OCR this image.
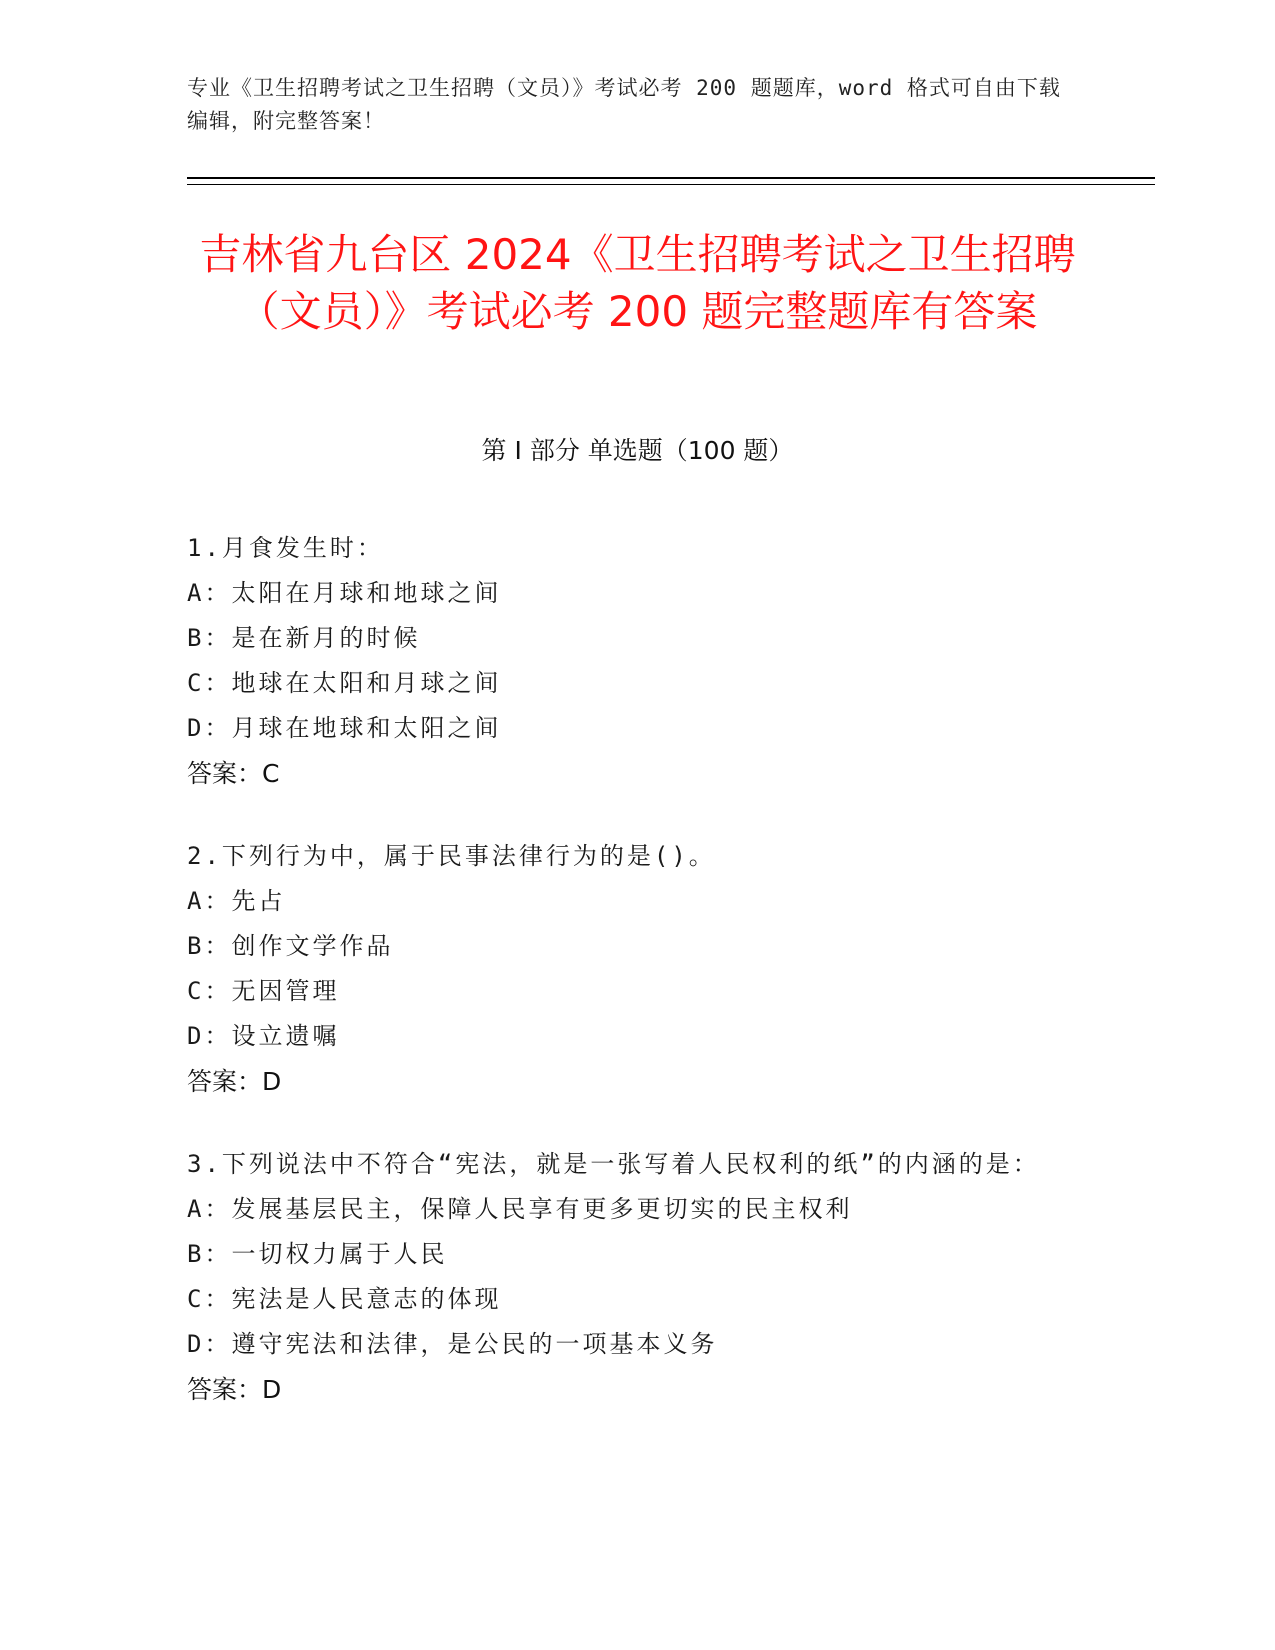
专业《卫生招聘考试之卫生招聘（文员）》考试必考 200 题题库，word 格式可自由下载编辑，附完整答案！
吉林省九台区 2024《卫生招聘考试之卫生招聘（文员）》考试必考 200 题完整题库有答案
第 I 部分 单选题（100 题）
1.月食发生时：
A：太阳在月球和地球之间
B：是在新月的时候
C：地球在太阳和月球之间
D：月球在地球和太阳之间
答案：C
2.下列行为中，属于民事法律行为的是()。
A：先占
B：创作文学作品
C：无因管理
D：设立遗嘱
答案：D
3.下列说法中不符合“宪法，就是一张写着人民权利的纸”的内涵的是：
A：发展基层民主，保障人民享有更多更切实的民主权利
B：一切权力属于人民
C：宪法是人民意志的体现
D：遵守宪法和法律，是公民的一项基本义务
答案：D
